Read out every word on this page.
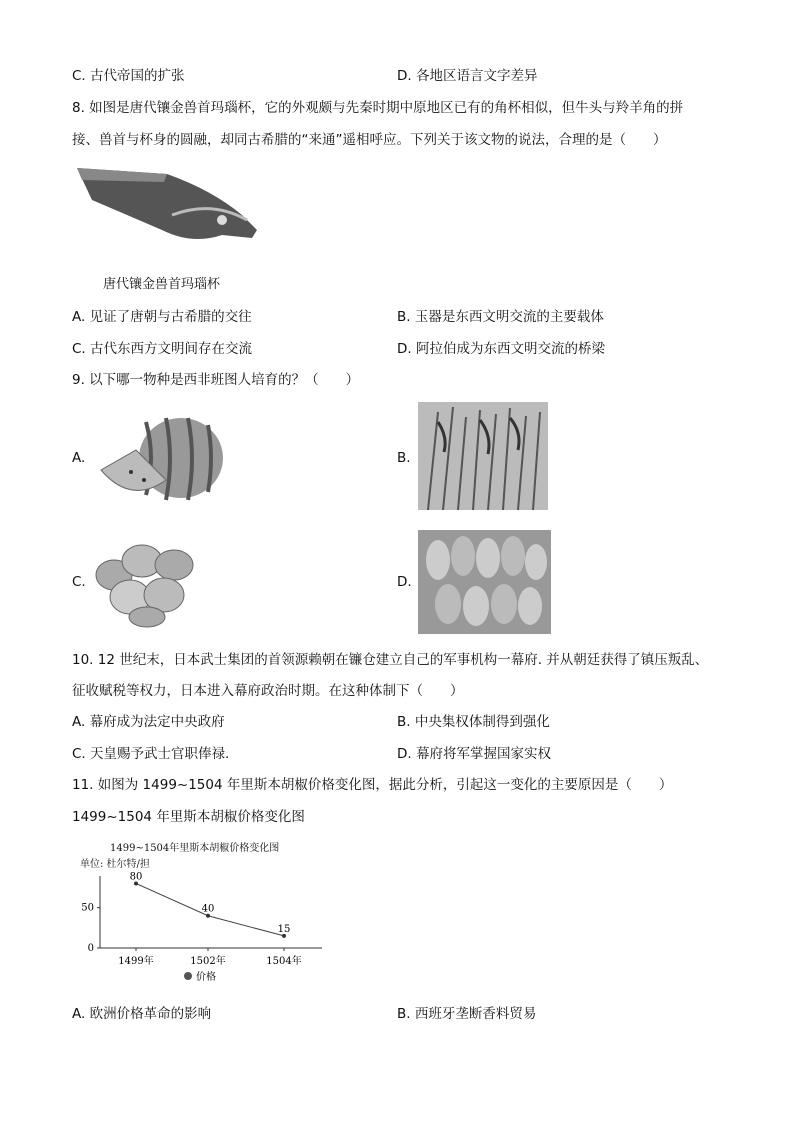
C. 古代帝国的扩张	D. 各地区语言文字差异
8. 如图是唐代镶金兽首玛瑙杯，它的外观颇与先秦时期中原地区已有的角杯相似，但牛头与羚羊角的拼
接、兽首与杯身的圆融，却同古希腊的“来通”遥相呼应。下列关于该文物的说法，合理的是（　　）
唐代镶金兽首玛瑙杯
A. 见证了唐朝与古希腊的交往	B. 玉器是东西文明交流的主要载体
C. 古代东西方文明间存在交流	D. 阿拉伯成为东西文明交流的桥梁
9. 以下哪一物种是西非班图人培育的？（　　）
A.	B.
C.	D.
10. 12 世纪末，日本武士集团的首领源赖朝在镰仓建立自己的军事机构一幕府. 并从朝廷获得了镇压叛乱、
征收赋税等权力，日本进入幕府政治时期。在这种体制下（　　）
A. 幕府成为法定中央政府	B. 中央集权体制得到强化
C. 天皇赐予武士官职俸禄.	D. 幕府将军掌握国家实权
11. 如图为 1499~1504 年里斯本胡椒价格变化图，据此分析，引起这一变化的主要原因是（　　）
1499~1504 年里斯本胡椒价格变化图
1499~1504年里斯本胡椒价格变化图
单位: 杜尔特/担
0
50
80
1499年
40
1502年
15
1504年
价格
A. 欧洲价格革命的影响	B. 西班牙垄断香料贸易
